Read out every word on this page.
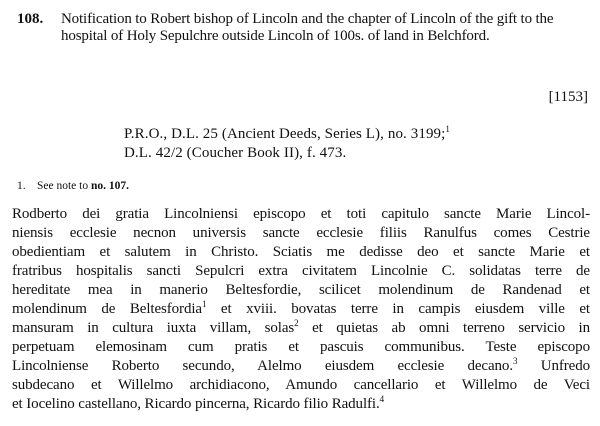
108. Notification to Robert bishop of Lincoln and the chapter of Lincoln of the gift to the hospital of Holy Sepulchre outside Lincoln of 100s. of land in Belchford.
[1153]
P.R.O., D.L. 25 (Ancient Deeds, Series L), no. 3199;$^1$
D.L. 42/2 (Coucher Book II), f. 473.
1. See note to no. 107.
Rodberto dei gratia Lincolniensi episcopo et toti capitulo sancte Marie Lincol-
niensis ecclesie necnon universis sancte ecclesie filiis Ranulfus comes Cestrie
obedientiam et salutem in Christo. Sciatis me dedisse deo et sancte Marie et
fratribus hospitalis sancti Sepulcri extra civitatem Lincolnie C. solidatas terre de
hereditate mea in manerio Beltesfordie, scilicet molendinum de Randenad et
molendinum de Beltesfordia$^1$ et xviii. bovatas terre in campis eiusdem ville et
mansuram in cultura iuxta villam, solas$^2$ et quietas ab omni terreno servicio in
perpetuam elemosinam cum pratis et pascuis communibus. Teste episcopo
Lincolniense Roberto secundo, Alelmo eiusdem ecclesie decano.$^3$ Unfredo
subdecano et Willelmo archidiacono, Amundo cancellario et Willelmo de Veci
et Iocelino castellano, Ricardo pincerna, Ricardo filio Radulfi.$^4$
